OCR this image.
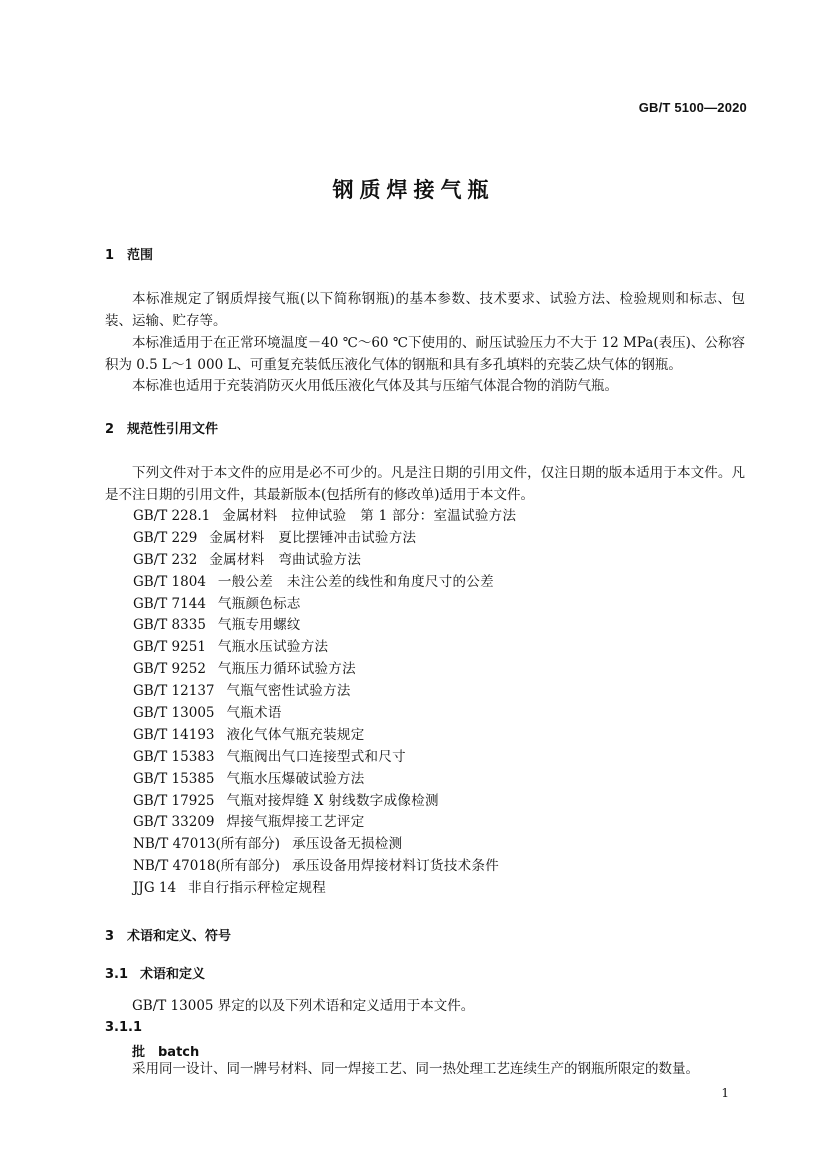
GB/T 5100—2020
钢质焊接气瓶
1 范围
本标准规定了钢质焊接气瓶(以下简称钢瓶)的基本参数、技术要求、试验方法、检验规则和标志、包装、运输、贮存等。
本标准适用于在正常环境温度－40 ℃～60 ℃下使用的、耐压试验压力不大于 12 MPa(表压)、公称容积为 0.5 L～1 000 L、可重复充装低压液化气体的钢瓶和具有多孔填料的充装乙炔气体的钢瓶。
本标准也适用于充装消防灭火用低压液化气体及其与压缩气体混合物的消防气瓶。
2 规范性引用文件
下列文件对于本文件的应用是必不可少的。凡是注日期的引用文件，仅注日期的版本适用于本文件。凡是不注日期的引用文件，其最新版本(包括所有的修改单)适用于本文件。
GB/T 228.1 金属材料　拉伸试验　第 1 部分：室温试验方法
GB/T 229 金属材料　夏比摆锤冲击试验方法
GB/T 232 金属材料　弯曲试验方法
GB/T 1804 一般公差　未注公差的线性和角度尺寸的公差
GB/T 7144 气瓶颜色标志
GB/T 8335 气瓶专用螺纹
GB/T 9251 气瓶水压试验方法
GB/T 9252 气瓶压力循环试验方法
GB/T 12137 气瓶气密性试验方法
GB/T 13005 气瓶术语
GB/T 14193 液化气体气瓶充装规定
GB/T 15383 气瓶阀出气口连接型式和尺寸
GB/T 15385 气瓶水压爆破试验方法
GB/T 17925 气瓶对接焊缝 X 射线数字成像检测
GB/T 33209 焊接气瓶焊接工艺评定
NB/T 47013(所有部分) 承压设备无损检测
NB/T 47018(所有部分) 承压设备用焊接材料订货技术条件
JJG 14 非自行指示秤检定规程
3 术语和定义、符号
3.1 术语和定义
GB/T 13005 界定的以及下列术语和定义适用于本文件。
3.1.1
批　batch
采用同一设计、同一牌号材料、同一焊接工艺、同一热处理工艺连续生产的钢瓶所限定的数量。
1
